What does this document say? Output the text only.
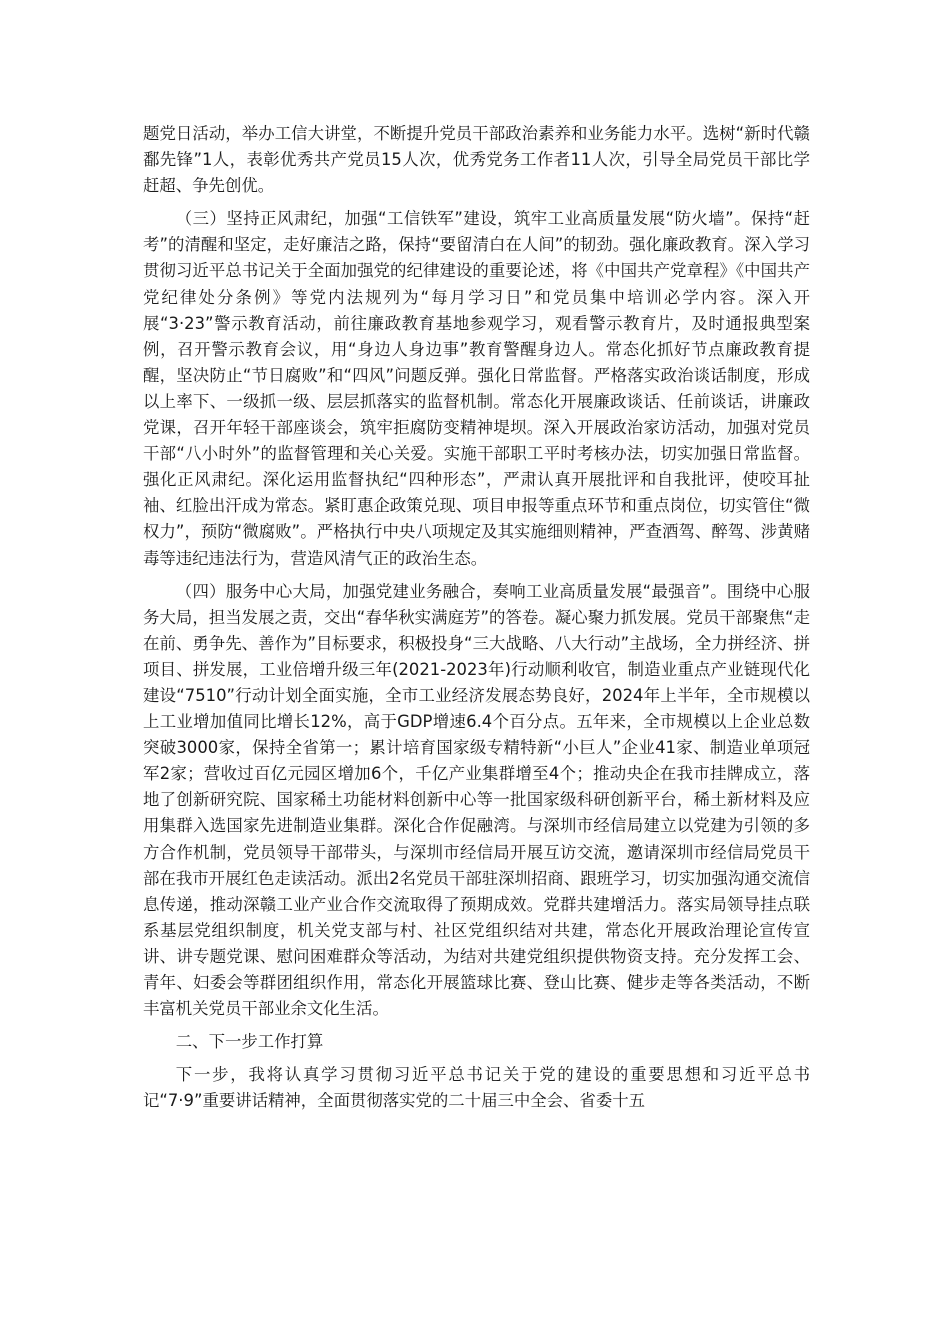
题党日活动，举办工信大讲堂，不断提升党员干部政治素养和业务能力水平。选树“新时代赣鄱先锋”1人，表彰优秀共产党员15人次，优秀党务工作者11人次，引导全局党员干部比学赶超、争先创优。

（三）坚持正风肃纪，加强“工信铁军”建设，筑牢工业高质量发展“防火墙”。保持“赶考”的清醒和坚定，走好廉洁之路，保持“要留清白在人间”的韧劲。强化廉政教育。深入学习贯彻习近平总书记关于全面加强党的纪律建设的重要论述，将《中国共产党章程》《中国共产党纪律处分条例》等党内法规列为“每月学习日”和党员集中培训必学内容。深入开展“3·23”警示教育活动，前往廉政教育基地参观学习，观看警示教育片，及时通报典型案例，召开警示教育会议，用“身边人身边事”教育警醒身边人。常态化抓好节点廉政教育提醒，坚决防止“节日腐败”和“四风”问题反弹。强化日常监督。严格落实政治谈话制度，形成以上率下、一级抓一级、层层抓落实的监督机制。常态化开展廉政谈话、任前谈话，讲廉政党课，召开年轻干部座谈会，筑牢拒腐防变精神堤坝。深入开展政治家访活动，加强对党员干部“八小时外”的监督管理和关心关爱。实施干部职工平时考核办法，切实加强日常监督。强化正风肃纪。深化运用监督执纪“四种形态”，严肃认真开展批评和自我批评，使咬耳扯袖、红脸出汗成为常态。紧盯惠企政策兑现、项目申报等重点环节和重点岗位，切实管住“微权力”，预防“微腐败”。严格执行中央八项规定及其实施细则精神，严查酒驾、醉驾、涉黄赌毒等违纪违法行为，营造风清气正的政治生态。

（四）服务中心大局，加强党建业务融合，奏响工业高质量发展“最强音”。围绕中心服务大局，担当发展之责，交出“春华秋实满庭芳”的答卷。凝心聚力抓发展。党员干部聚焦“走在前、勇争先、善作为”目标要求，积极投身“三大战略、八大行动”主战场，全力拼经济、拼项目、拼发展，工业倍增升级三年(2021-2023年)行动顺利收官，制造业重点产业链现代化建设“7510”行动计划全面实施，全市工业经济发展态势良好，2024年上半年，全市规模以上工业增加值同比增长12%，高于GDP增速6.4个百分点。五年来，全市规模以上企业总数突破3000家，保持全省第一；累计培育国家级专精特新“小巨人”企业41家、制造业单项冠军2家；营收过百亿元园区增加6个，千亿产业集群增至4个；推动央企在我市挂牌成立，落地了创新研究院、国家稀土功能材料创新中心等一批国家级科研创新平台，稀土新材料及应用集群入选国家先进制造业集群。深化合作促融湾。与深圳市经信局建立以党建为引领的多方合作机制，党员领导干部带头，与深圳市经信局开展互访交流，邀请深圳市经信局党员干部在我市开展红色走读活动。派出2名党员干部驻深圳招商、跟班学习，切实加强沟通交流信息传递，推动深赣工业产业合作交流取得了预期成效。党群共建增活力。落实局领导挂点联系基层党组织制度，机关党支部与村、社区党组织结对共建，常态化开展政治理论宣传宣讲、讲专题党课、慰问困难群众等活动，为结对共建党组织提供物资支持。充分发挥工会、青年、妇委会等群团组织作用，常态化开展篮球比赛、登山比赛、健步走等各类活动，不断丰富机关党员干部业余文化生活。

二、下一步工作打算

下一步，我将认真学习贯彻习近平总书记关于党的建设的重要思想和习近平总书记“7·9”重要讲话精神，全面贯彻落实党的二十届三中全会、省委十五
